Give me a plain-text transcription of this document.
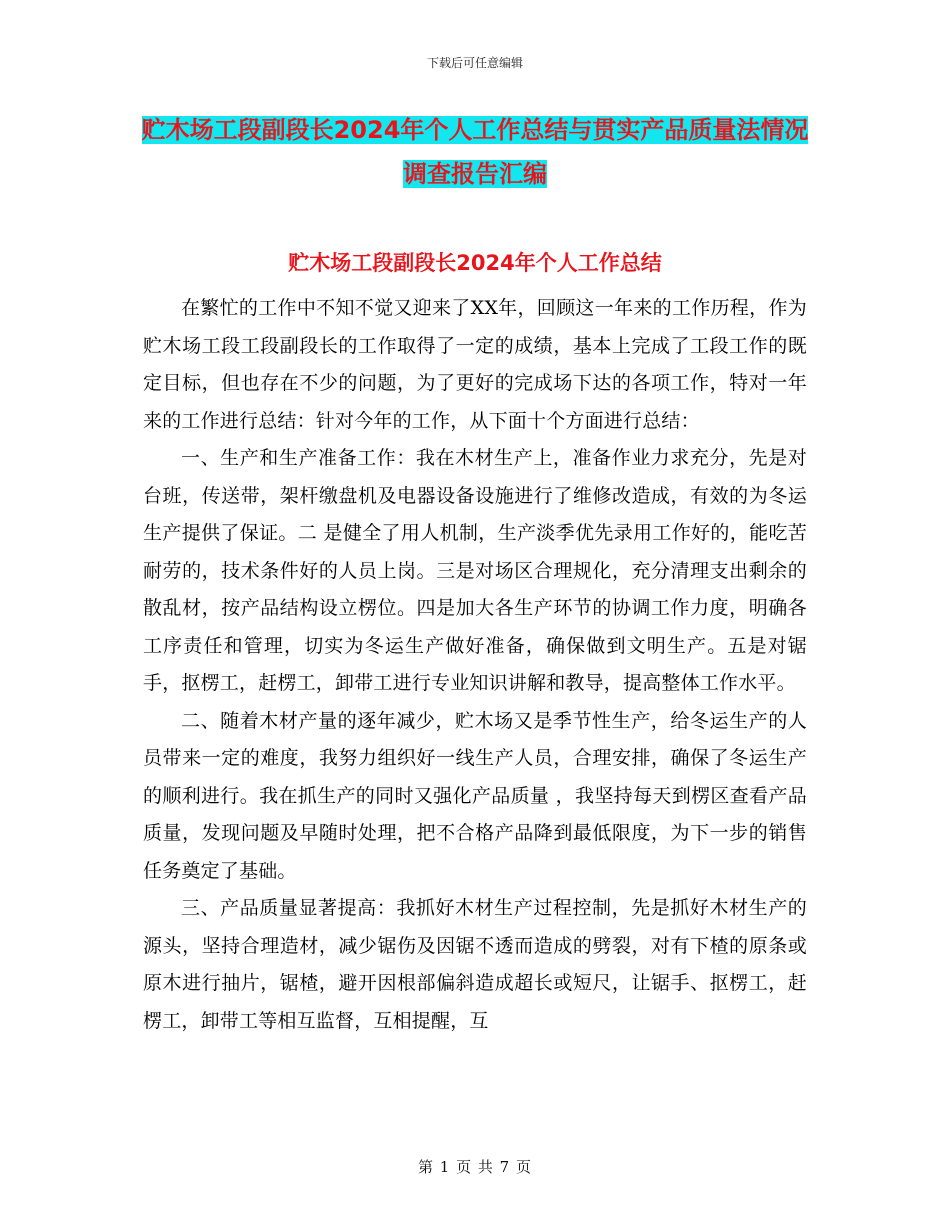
下载后可任意编辑
贮木场工段副段长2024年个人工作总结与贯实产品质量法情况调查报告汇编
贮木场工段副段长2024年个人工作总结

在繁忙的工作中不知不觉又迎来了XX年，回顾这一年来的工作历程，作为贮木场工段工段副段长的工作取得了一定的成绩，基本上完成了工段工作的既定目标，但也存在不少的问题，为了更好的完成场下达的各项工作，特对一年来的工作进行总结：针对今年的工作，从下面十个方面进行总结：

一、生产和生产准备工作：我在木材生产上，准备作业力求充分，先是对台班，传送带，架杆缴盘机及电器设备设施进行了维修改造成，有效的为冬运生产提供了保证。二 是健全了用人机制，生产淡季优先录用工作好的，能吃苦耐劳的，技术条件好的人员上岗。三是对场区合理规化，充分清理支出剩余的散乱材，按产品结构设立楞位。四是加大各生产环节的协调工作力度，明确各工序责任和管理，切实为冬运生产做好准备，确保做到文明生产。五是对锯手，抠楞工，赶楞工，卸带工进行专业知识讲解和教导，提高整体工作水平。

二、随着木材产量的逐年减少，贮木场又是季节性生产，给冬运生产的人员带来一定的难度，我努力组织好一线生产人员，合理安排，确保了冬运生产的顺利进行。我在抓生产的同时又强化产品质量 ，我坚持每天到楞区查看产品质量，发现问题及早随时处理，把不合格产品降到最低限度，为下一步的销售任务奠定了基础。

三、产品质量显著提高：我抓好木材生产过程控制，先是抓好木材生产的源头，坚持合理造材，减少锯伤及因锯不透而造成的劈裂，对有下楂的原条或原木进行抽片，锯楂，避开因根部偏斜造成超长或短尺，让锯手、抠楞工，赶楞工，卸带工等相互监督，互相提醒，互

第 1 页 共 7 页
